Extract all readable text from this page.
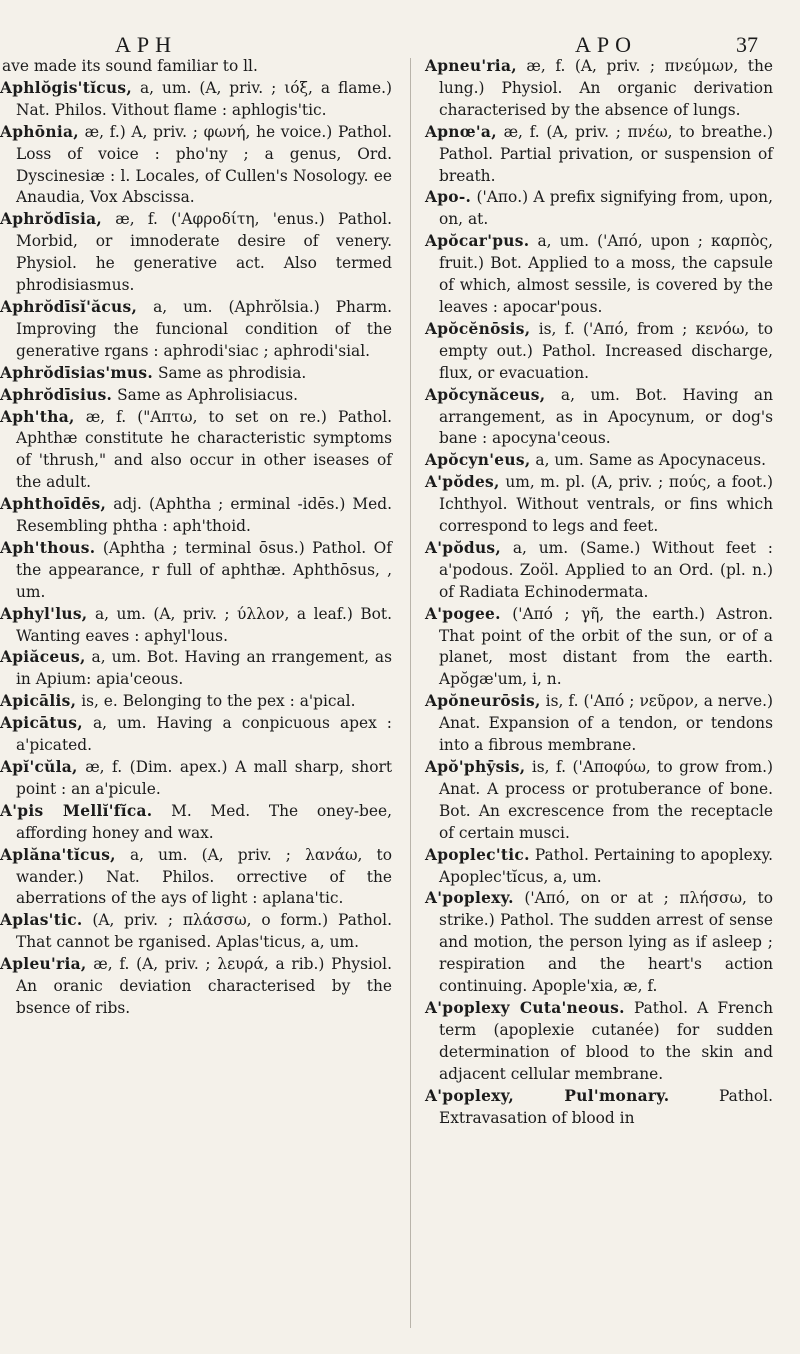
APH	APO	37

ave made its sound familiar to ll.

Aphlŏgis'tĭcus, a, um. (A, priv. ; ιόξ, a flame.) Nat. Philos. Vithout flame : aphlogis'tic.

Aphōnia, æ, f.) A, priv. ; φωνή, he voice.) Pathol. Loss of voice : pho'ny ; a genus, Ord. Dyscinesiæ : l. Locales, of Cullen's Nosology. ee Anaudia, Vox Abscissa.

Aphrŏdīsia, æ, f. ('Αφροδίτη, 'enus.) Pathol. Morbid, or imnoderate desire of venery. Physiol. he generative act. Also termed phrodisiasmus.

Aphrŏdīsĭ'ăcus, a, um. (Aphrŏlsia.) Pharm. Improving the funcional condition of the generative rgans : aphrodi'siac ; aphrodi'sial.

Aphrŏdīsias'mus. Same as phrodisia.

Aphrŏdīsius. Same as Aphrolisiacus.

Aph'tha, æ, f. ("Απτω, to set on re.) Pathol. Aphthæ constitute he characteristic symptoms of 'thrush," and also occur in other iseases of the adult.

Aphthoīdēs, adj. (Aphtha ; erminal -idēs.) Med. Resembling phtha : aph'thoid.

Aph'thous. (Aphtha ; terminal ōsus.) Pathol. Of the appearance, r full of aphthæ. Aphthōsus, , um.

Aphyl'lus, a, um. (A, priv. ; ύλλον, a leaf.) Bot. Wanting eaves : aphyl'lous.

Apiăceus, a, um. Bot. Having an rrangement, as in Apium: apia'ceous.

Apicālis, is, e. Belonging to the pex : a'pical.

Apicātus, a, um. Having a conpicuous apex : a'picated.

Apĭ'cŭla, æ, f. (Dim. apex.) A mall sharp, short point : an a'picule.

A'pis Mellĭ'fĭca. M. Med. The oney-bee, affording honey and wax.

Aplăna'tĭcus, a, um. (A, priv. ; λανάω, to wander.) Nat. Philos. orrective of the aberrations of the ays of light : aplana'tic.

Aplas'tic. (A, priv. ; πλάσσω, o form.) Pathol. That cannot be rganised. Aplas'ticus, a, um.

Apleu'ria, æ, f. (A, priv. ; λευρά, a rib.) Physiol. An oranic deviation characterised by the bsence of ribs.

Apneu'ria, æ, f. (A, priv. ; πνεύμων, the lung.) Physiol. An organic derivation characterised by the absence of lungs.

Apnœ'a, æ, f. (A, priv. ; πνέω, to breathe.) Pathol. Partial privation, or suspension of breath.

Apo-. ('Απο.) A prefix signifying from, upon, on, at.

Apŏcar'pus. a, um. ('Από, upon ; καρπὸς, fruit.) Bot. Applied to a moss, the capsule of which, almost sessile, is covered by the leaves : apocar'pous.

Apŏcĕnōsis, is, f. ('Από, from ; κενόω, to empty out.) Pathol. Increased discharge, flux, or evacuation.

Apŏcynăceus, a, um. Bot. Having an arrangement, as in Apocynum, or dog's bane : apocyna'ceous.

Apŏcyn'eus, a, um. Same as Apocynaceus.

A'pŏdes, um, m. pl. (A, priv. ; πούς, a foot.) Ichthyol. Without ventrals, or fins which correspond to legs and feet.

A'pŏdus, a, um. (Same.) Without feet : a'podous. Zoöl. Applied to an Ord. (pl. n.) of Radiata Echinodermata.

A'pogee. ('Από ; γῆ, the earth.) Astron. That point of the orbit of the sun, or of a planet, most distant from the earth. Apŏgæ'um, i, n.

Apŏneurōsis, is, f. ('Από ; νεῦρον, a nerve.) Anat. Expansion of a tendon, or tendons into a fibrous membrane.

Apŏ'phȳsis, is, f. ('Αποφύω, to grow from.) Anat. A process or protuberance of bone. Bot. An excrescence from the receptacle of certain musci.

Apoplec'tic. Pathol. Pertaining to apoplexy. Apoplec'tĭcus, a, um.

A'poplexy. ('Από, on or at ; πλήσσω, to strike.) Pathol. The sudden arrest of sense and motion, the person lying as if asleep ; respiration and the heart's action continuing. Apople'xia, æ, f.

A'poplexy Cuta'neous. Pathol. A French term (apoplexie cutanée) for sudden determination of blood to the skin and adjacent cellular membrane.

A'poplexy, Pul'monary. Pathol. Extravasation of blood in
